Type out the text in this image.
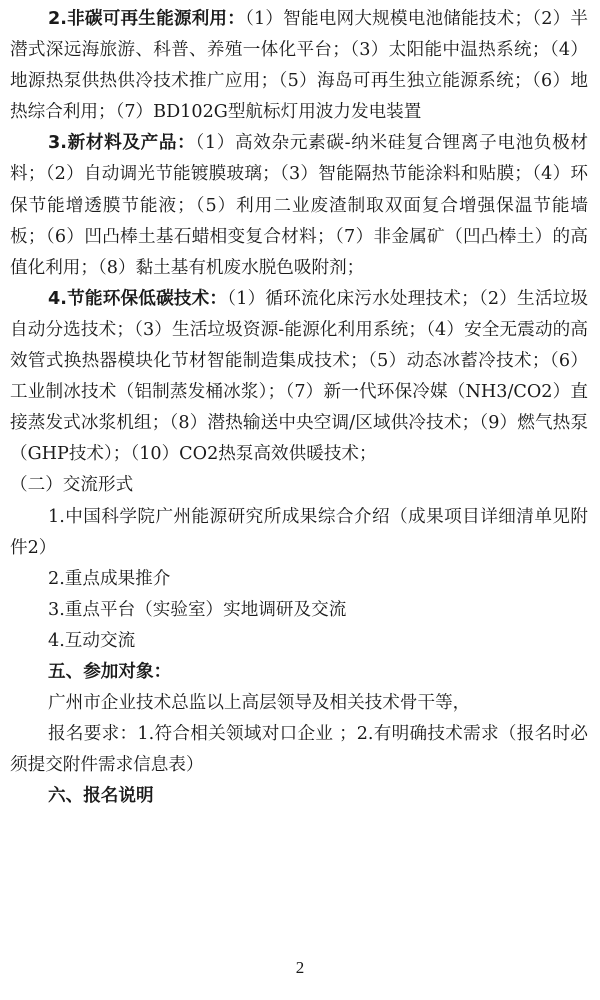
2.非碳可再生能源利用：（1）智能电网大规模电池储能技术；（2）半潜式深远海旅游、科普、养殖一体化平台；（3）太阳能中温热系统；（4）地源热泵供热供冷技术推广应用；（5）海岛可再生独立能源系统；（6）地热综合利用；（7）BD102G型航标灯用波力发电装置

3.新材料及产品：（1）高效杂元素碳-纳米硅复合锂离子电池负极材料；（2）自动调光节能镀膜玻璃；（3）智能隔热节能涂料和贴膜；（4）环保节能增透膜节能液；（5）利用二业废渣制取双面复合增强保温节能墙板；（6）凹凸棒土基石蜡相变复合材料；（7）非金属矿（凹凸棒土）的高值化利用；（8）黏土基有机废水脱色吸附剂；

4.节能环保低碳技术：（1）循环流化床污水处理技术；（2）生活垃圾自动分选技术；（3）生活垃圾资源-能源化利用系统；（4）安全无震动的高效管式换热器模块化节材智能制造集成技术；（5）动态冰蓄冷技术；（6）工业制冰技术（铝制蒸发桶冰浆）；（7）新一代环保冷媒（NH3/CO2）直接蒸发式冰浆机组；（8）潜热输送中央空调/区域供冷技术；（9）燃气热泵（GHP技术）；（10）CO2热泵高效供暖技术；

（二）交流形式

1.中国科学院广州能源研究所成果综合介绍（成果项目详细清单见附件2）

2.重点成果推介

3.重点平台（实验室）实地调研及交流

4.互动交流

五、参加对象：

广州市企业技术总监以上高层领导及相关技术骨干等，

报名要求：1.符合相关领域对口企业 ；2.有明确技术需求（报名时必须提交附件需求信息表）

六、报名说明

2
